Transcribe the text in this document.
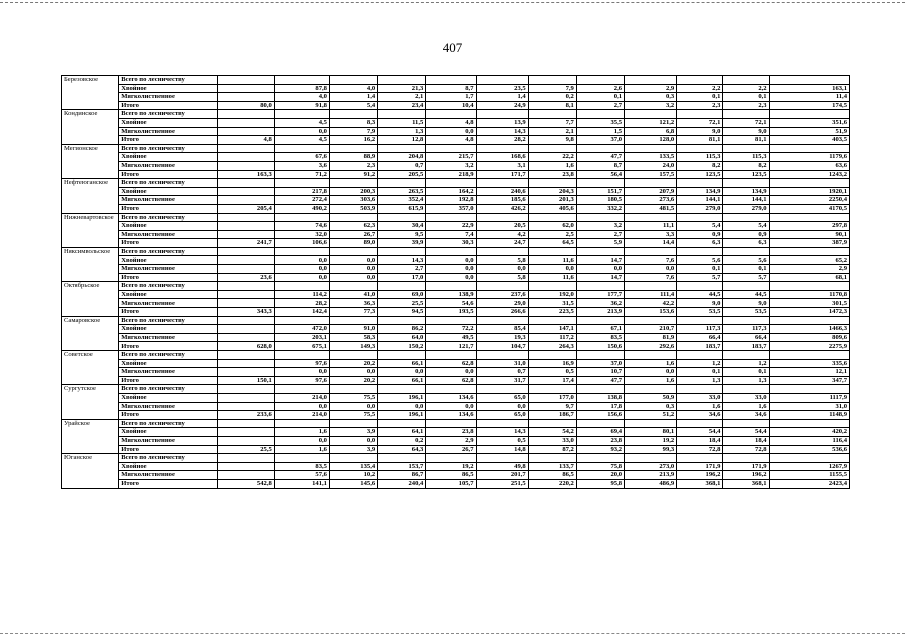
407
Березовское	Всего по лесничеству												
	Хвойное		87,8	4,0	21,3	8,7	23,5	7,9	2,6	2,9	2,2	2,2	163,1
	Мягколиственное		4,0	1,4	2,1	1,7	1,4	0,2	0,1	0,3	0,1	0,1	11,4
	Итого	80,0	91,8	5,4	23,4	10,4	24,9	8,1	2,7	3,2	2,3	2,3	174,5
Кондинское	Всего по лесничеству												
	Хвойное		4,5	8,3	11,5	4,8	13,9	7,7	35,5	121,2	72,1	72,1	351,6
	Мягколиственное		0,0	7,9	1,3	0,0	14,3	2,1	1,5	6,8	9,0	9,0	51,9
	Итого	4,8	4,5	16,2	12,8	4,8	28,2	9,8	37,0	128,0	81,1	81,1	403,5
Мегионское	Всего по лесничеству												
	Хвойное		67,6	88,9	204,8	215,7	168,6	22,2	47,7	133,5	115,3	115,3	1179,6
	Мягколиственное		3,6	2,3	0,7	3,2	3,1	1,6	8,7	24,0	8,2	8,2	63,6
	Итого	163,3	71,2	91,2	205,5	218,9	171,7	23,8	56,4	157,5	123,5	123,5	1243,2
Нефтеюганское	Всего по лесничеству												
	Хвойное		217,8	200,3	263,5	164,2	240,6	204,3	151,7	207,9	134,9	134,9	1920,1
	Мягколиственное		272,4	303,6	352,4	192,8	185,6	201,3	180,5	273,6	144,1	144,1	2250,4
	Итого	205,4	490,2	503,9	615,9	357,0	426,2	405,6	332,2	481,5	279,0	279,0	4170,5
Нижневартовское	Всего по лесничеству												
	Хвойное		74,6	62,3	30,4	22,9	20,5	62,0	3,2	11,1	5,4	5,4	297,8
	Мягколиственное		32,0	26,7	9,5	7,4	4,2	2,5	2,7	3,3	0,9	0,9	90,1
	Итого	241,7	106,6	89,0	39,9	30,3	24,7	64,5	5,9	14,4	6,3	6,3	387,9
Няксимвольское	Всего по лесничеству												
	Хвойное		0,0	0,0	14,3	0,0	5,8	11,6	14,7	7,6	5,6	5,6	65,2
	Мягколиственное		0,0	0,0	2,7	0,0	0,0	0,0	0,0	0,0	0,1	0,1	2,9
	Итого	23,6	0,0	0,0	17,0	0,0	5,8	11,6	14,7	7,6	5,7	5,7	68,1
Октябрьское	Всего по лесничеству												
	Хвойное		114,2	41,0	69,0	138,9	237,6	192,0	177,7	111,4	44,5	44,5	1170,8
	Мягколиственное		28,2	36,3	25,5	54,6	29,0	31,5	36,2	42,2	9,0	9,0	301,5
	Итого	343,3	142,4	77,3	94,5	193,5	266,6	223,5	213,9	153,6	53,5	53,5	1472,3
Самаровское	Всего по лесничеству												
	Хвойное		472,0	91,0	86,2	72,2	85,4	147,1	67,1	210,7	117,3	117,3	1466,3
	Мягколиственное		203,1	58,3	64,0	49,5	19,3	117,2	83,5	81,9	66,4	66,4	809,6
	Итого	628,0	675,1	149,3	150,2	121,7	104,7	264,3	150,6	292,6	183,7	183,7	2275,9
Советское	Всего по лесничеству												
	Хвойное		97,6	20,2	66,1	62,8	31,0	16,9	37,0	1,6	1,2	1,2	335,6
	Мягколиственное		0,0	0,0	0,0	0,0	0,7	0,5	10,7	0,0	0,1	0,1	12,1
	Итого	150,1	97,6	20,2	66,1	62,8	31,7	17,4	47,7	1,6	1,3	1,3	347,7
Сургутское	Всего по лесничеству												
	Хвойное		214,0	75,5	196,1	134,6	65,0	177,0	138,8	50,9	33,0	33,0	1117,9
	Мягколиственное		0,0	0,0	0,0	0,0	0,0	9,7	17,8	0,3	1,6	1,6	31,0
	Итого	233,6	214,0	75,5	196,1	134,6	65,0	186,7	156,6	51,2	34,6	34,6	1148,9
Урайское	Всего по лесничеству												
	Хвойное		1,6	3,9	64,1	23,8	14,3	54,2	69,4	80,1	54,4	54,4	420,2
	Мягколиственное		0,0	0,0	0,2	2,9	0,5	33,0	23,8	19,2	18,4	18,4	116,4
	Итого	25,5	1,6	3,9	64,3	26,7	14,8	87,2	93,2	99,3	72,8	72,8	536,6
Юганское	Всего по лесничеству												
	Хвойное		83,5	135,4	153,7	19,2	49,8	133,7	75,8	273,0	171,9	171,9	1267,9
	Мягколиственное		57,6	10,2	86,7	86,5	201,7	86,5	20,0	213,9	196,2	196,2	1155,5
	Итого	542,8	141,1	145,6	240,4	105,7	251,5	220,2	95,8	486,9	368,1	368,1	2423,4
